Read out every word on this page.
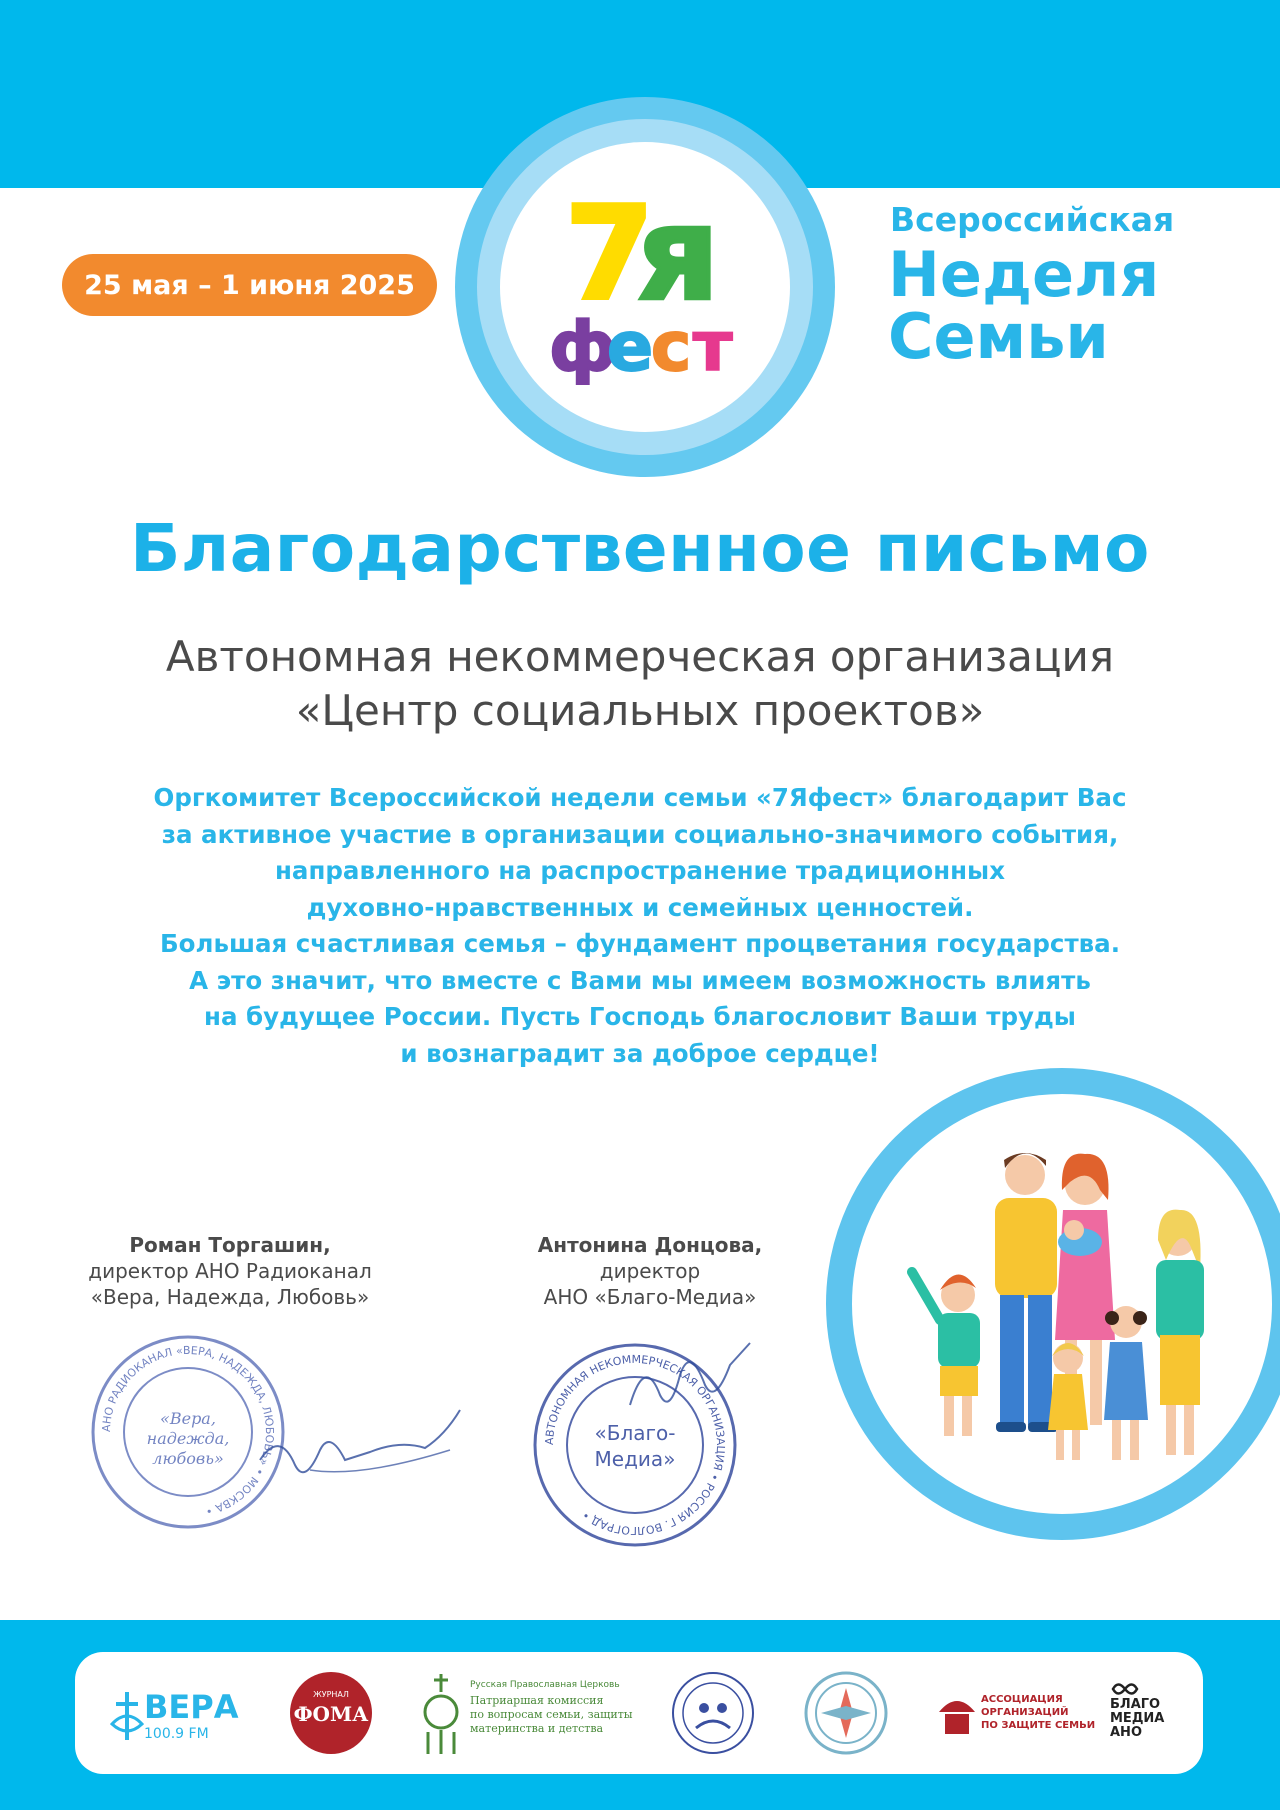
25 мая – 1 июня 2025 7
я
ф
е
с т
Всероссийская
Неделя
Семьи
Благодарственное письмо
Автономная некоммерческая организация
«Центр социальных проектов»
Оргкомитет Всероссийской недели семьи «7Яфест» благодарит Вас
за активное участие в организации социально-значимого события,
направленного на распространение традиционных
духовно-нравственных и семейных ценностей.
Большая счастливая семья – фундамент процветания государства.
А это значит, что вместе с Вами мы имеем возможность влиять
на будущее России. Пусть Господь благословит Ваши труды
и вознаградит за доброе сердце!
Роман Торгашин,
директор АНО Радиоканал
«Вера, Надежда, Любовь»
Антонина Донцова,
директор
АНО «Благо-Медиа»
АНО РАДИОКАНАЛ «ВЕРА, НАДЕЖДА, ЛЮБОВЬ» • МОСКВА •
«Вера,
надежда,
любовь»
АВТОНОМНАЯ НЕКОММЕРЧЕСКАЯ ОРГАНИЗАЦИЯ • РОССИЯ Г. ВОЛГОГРАД •
«Благо-
Медиа»
ВЕРА
100.9 FM
ЖУРНАЛ
ФОМА
Русская Православная Церковь
Патриаршая комиссия
по вопросам семьи, защиты
материнства и детства
АССОЦИАЦИЯ
ОРГАНИЗАЦИЙ
ПО ЗАЩИТЕ СЕМЬИ
БЛАГО
МЕДИА
АНО
